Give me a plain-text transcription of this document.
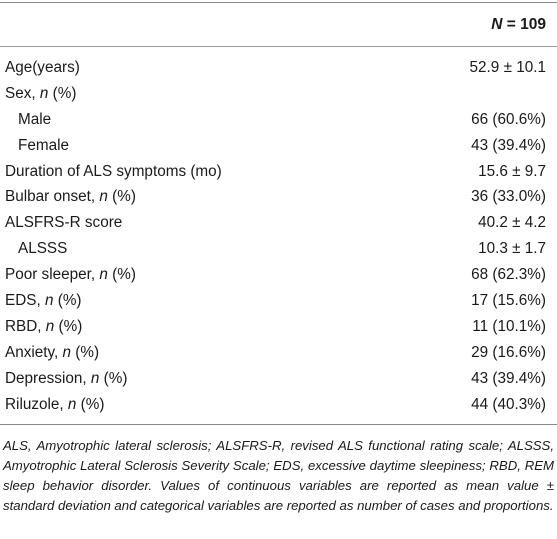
N = 109
Age(years)	52.9 ± 10.1
Sex, n (%)
Male	66 (60.6%)
Female	43 (39.4%)
Duration of ALS symptoms (mo)	15.6 ± 9.7
Bulbar onset, n (%)	36 (33.0%)
ALSFRS-R score	40.2 ± 4.2
ALSSS	10.3 ± 1.7
Poor sleeper, n (%)	68 (62.3%)
EDS, n (%)	17 (15.6%)
RBD, n (%)	11 (10.1%)
Anxiety, n (%)	29 (16.6%)
Depression, n (%)	43 (39.4%)
Riluzole, n (%)	44 (40.3%)
ALS, Amyotrophic lateral sclerosis; ALSFRS-R, revised ALS functional rating scale; ALSSS, Amyotrophic Lateral Sclerosis Severity Scale; EDS, excessive daytime sleepiness; RBD, REM sleep behavior disorder. Values of continuous variables are reported as mean value ± standard deviation and categorical variables are reported as number of cases and proportions.
